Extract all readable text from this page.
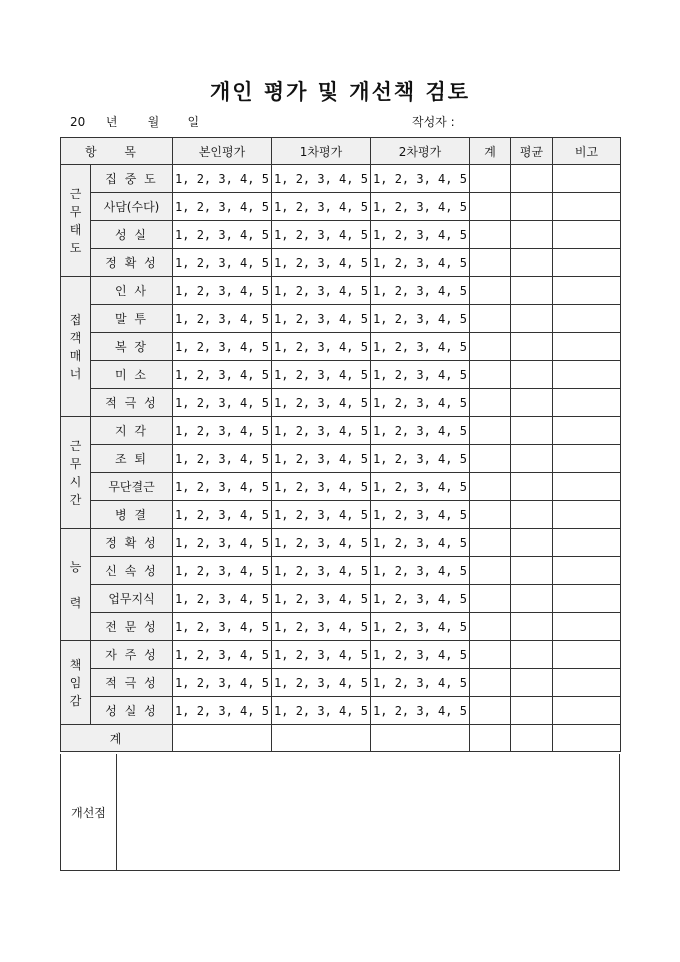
개인 평가 및 개선책 검토
20 년	월 일	작성자 :
항 목		본인평가	1차평가	2차평가	계	평균	비고
근
무
태
도	집 중 도	1, 2, 3, 4, 5	1, 2, 3, 4, 5	1, 2, 3, 4, 5			
	사담(수다)	1, 2, 3, 4, 5	1, 2, 3, 4, 5	1, 2, 3, 4, 5			
	성 실	1, 2, 3, 4, 5	1, 2, 3, 4, 5	1, 2, 3, 4, 5			
	정 확 성	1, 2, 3, 4, 5	1, 2, 3, 4, 5	1, 2, 3, 4, 5			
접
객
매
너	인 사	1, 2, 3, 4, 5	1, 2, 3, 4, 5	1, 2, 3, 4, 5			
	말 투	1, 2, 3, 4, 5	1, 2, 3, 4, 5	1, 2, 3, 4, 5			
	복 장	1, 2, 3, 4, 5	1, 2, 3, 4, 5	1, 2, 3, 4, 5			
	미 소	1, 2, 3, 4, 5	1, 2, 3, 4, 5	1, 2, 3, 4, 5			
	적 극 성	1, 2, 3, 4, 5	1, 2, 3, 4, 5	1, 2, 3, 4, 5			
근
무
시
간	지 각	1, 2, 3, 4, 5	1, 2, 3, 4, 5	1, 2, 3, 4, 5			
	조 퇴	1, 2, 3, 4, 5	1, 2, 3, 4, 5	1, 2, 3, 4, 5			
	무단결근	1, 2, 3, 4, 5	1, 2, 3, 4, 5	1, 2, 3, 4, 5			
	병 결	1, 2, 3, 4, 5	1, 2, 3, 4, 5	1, 2, 3, 4, 5			
능

력	정 확 성	1, 2, 3, 4, 5	1, 2, 3, 4, 5	1, 2, 3, 4, 5			
	신 속 성	1, 2, 3, 4, 5	1, 2, 3, 4, 5	1, 2, 3, 4, 5			
	업무지식	1, 2, 3, 4, 5	1, 2, 3, 4, 5	1, 2, 3, 4, 5			
	전 문 성	1, 2, 3, 4, 5	1, 2, 3, 4, 5	1, 2, 3, 4, 5			
책
임
감	자 주 성	1, 2, 3, 4, 5	1, 2, 3, 4, 5	1, 2, 3, 4, 5			
	적 극 성	1, 2, 3, 4, 5	1, 2, 3, 4, 5	1, 2, 3, 4, 5			
	성 실 성	1, 2, 3, 4, 5	1, 2, 3, 4, 5	1, 2, 3, 4, 5			
계							
개선점
